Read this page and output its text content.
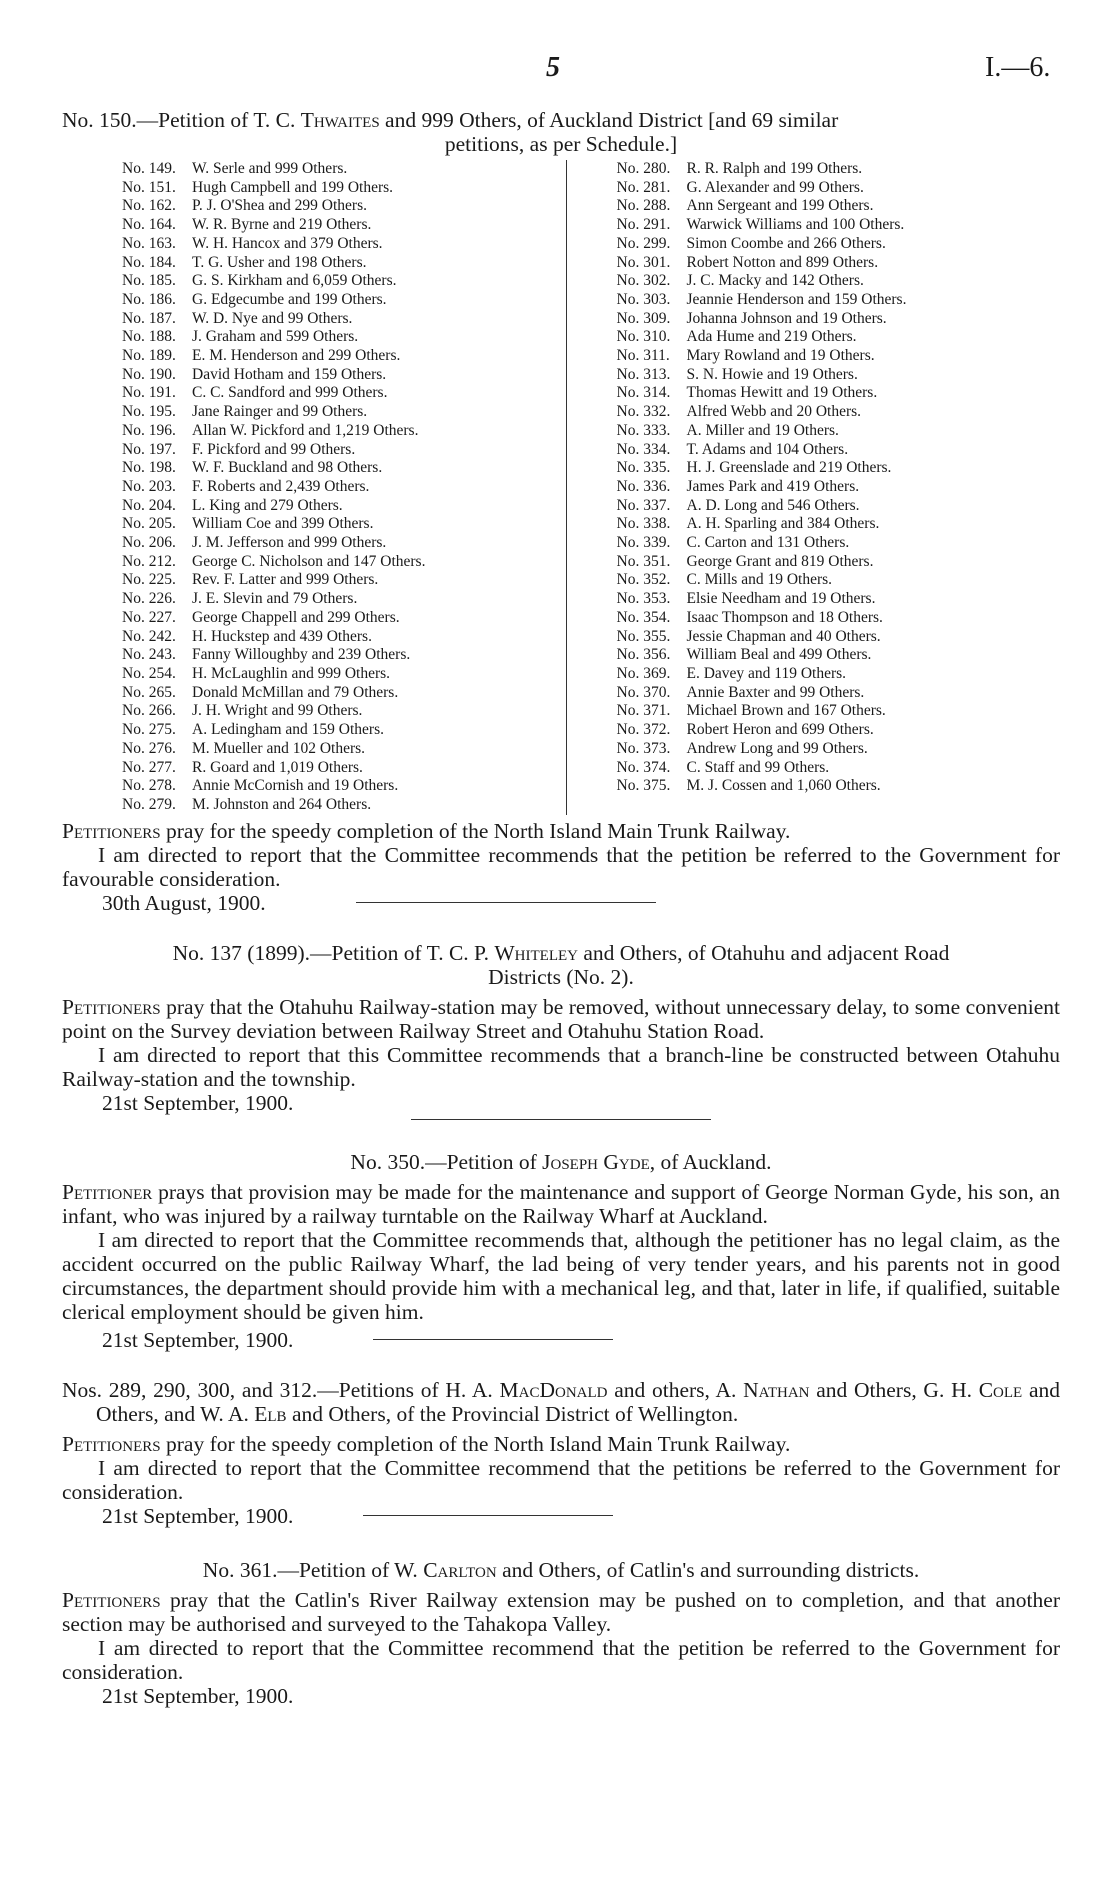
5	I.—6.
No. 150.—Petition of T. C. Thwaites and 999 Others, of Auckland District [and 69 similar
petitions, as per Schedule.]
No. 149. W. Serle and 999 Others.
No. 151. Hugh Campbell and 199 Others.
No. 162. P. J. O'Shea and 299 Others.
No. 164. W. R. Byrne and 219 Others.
No. 163. W. H. Hancox and 379 Others.
No. 184. T. G. Usher and 198 Others.
No. 185. G. S. Kirkham and 6,059 Others.
No. 186. G. Edgecumbe and 199 Others.
No. 187. W. D. Nye and 99 Others.
No. 188. J. Graham and 599 Others.
No. 189. E. M. Henderson and 299 Others.
No. 190. David Hotham and 159 Others.
No. 191. C. C. Sandford and 999 Others.
No. 195. Jane Rainger and 99 Others.
No. 196. Allan W. Pickford and 1,219 Others.
No. 197. F. Pickford and 99 Others.
No. 198. W. F. Buckland and 98 Others.
No. 203. F. Roberts and 2,439 Others.
No. 204. L. King and 279 Others.
No. 205. William Coe and 399 Others.
No. 206. J. M. Jefferson and 999 Others.
No. 212. George C. Nicholson and 147 Others.
No. 225. Rev. F. Latter and 999 Others.
No. 226. J. E. Slevin and 79 Others.
No. 227. George Chappell and 299 Others.
No. 242. H. Huckstep and 439 Others.
No. 243. Fanny Willoughby and 239 Others.
No. 254. H. McLaughlin and 999 Others.
No. 265. Donald McMillan and 79 Others.
No. 266. J. H. Wright and 99 Others.
No. 275. A. Ledingham and 159 Others.
No. 276. M. Mueller and 102 Others.
No. 277. R. Goard and 1,019 Others.
No. 278. Annie McCornish and 19 Others.
No. 279. M. Johnston and 264 Others.
No. 280. R. R. Ralph and 199 Others.
No. 281. G. Alexander and 99 Others.
No. 288. Ann Sergeant and 199 Others.
No. 291. Warwick Williams and 100 Others.
No. 299. Simon Coombe and 266 Others.
No. 301. Robert Notton and 899 Others.
No. 302. J. C. Macky and 142 Others.
No. 303. Jeannie Henderson and 159 Others.
No. 309. Johanna Johnson and 19 Others.
No. 310. Ada Hume and 219 Others.
No. 311. Mary Rowland and 19 Others.
No. 313. S. N. Howie and 19 Others.
No. 314. Thomas Hewitt and 19 Others.
No. 332. Alfred Webb and 20 Others.
No. 333. A. Miller and 19 Others.
No. 334. T. Adams and 104 Others.
No. 335. H. J. Greenslade and 219 Others.
No. 336. James Park and 419 Others.
No. 337. A. D. Long and 546 Others.
No. 338. A. H. Sparling and 384 Others.
No. 339. C. Carton and 131 Others.
No. 351. George Grant and 819 Others.
No. 352. C. Mills and 19 Others.
No. 353. Elsie Needham and 19 Others.
No. 354. Isaac Thompson and 18 Others.
No. 355. Jessie Chapman and 40 Others.
No. 356. William Beal and 499 Others.
No. 369. E. Davey and 119 Others.
No. 370. Annie Baxter and 99 Others.
No. 371. Michael Brown and 167 Others.
No. 372. Robert Heron and 699 Others.
No. 373. Andrew Long and 99 Others.
No. 374. C. Staff and 99 Others.
No. 375. M. J. Cossen and 1,060 Others.

Petitioners pray for the speedy completion of the North Island Main Trunk Railway.

I am directed to report that the Committee recommends that the petition be referred to the Government for favourable consideration.

30th August, 1900.
No. 137 (1899).—Petition of T. C. P. Whiteley and Others, of Otahuhu and adjacent Road
Districts (No. 2).

Petitioners pray that the Otahuhu Railway-station may be removed, without unnecessary delay, to some convenient point on the Survey deviation between Railway Street and Otahuhu Station Road.

I am directed to report that this Committee recommends that a branch-line be constructed between Otahuhu Railway-station and the township.

21st September, 1900.
No. 350.—Petition of Joseph Gyde, of Auckland.

Petitioner prays that provision may be made for the maintenance and support of George Norman Gyde, his son, an infant, who was injured by a railway turntable on the Railway Wharf at Auckland.

I am directed to report that the Committee recommends that, although the petitioner has no legal claim, as the accident occurred on the public Railway Wharf, the lad being of very tender years, and his parents not in good circumstances, the department should provide him with a mechanical leg, and that, later in life, if qualified, suitable clerical employment should be given him.

21st September, 1900.

Nos. 289, 290, 300, and 312.—Petitions of H. A. MacDonald and others, A. Nathan and Others, G. H. Cole and Others, and W. A. Elb and Others, of the Provincial District of Wellington.

Petitioners pray for the speedy completion of the North Island Main Trunk Railway.

I am directed to report that the Committee recommend that the petitions be referred to the Government for consideration.

21st September, 1900.
No. 361.—Petition of W. Carlton and Others, of Catlin's and surrounding districts.

Petitioners pray that the Catlin's River Railway extension may be pushed on to completion, and that another section may be authorised and surveyed to the Tahakopa Valley.

I am directed to report that the Committee recommend that the petition be referred to the Government for consideration.

21st September, 1900.
